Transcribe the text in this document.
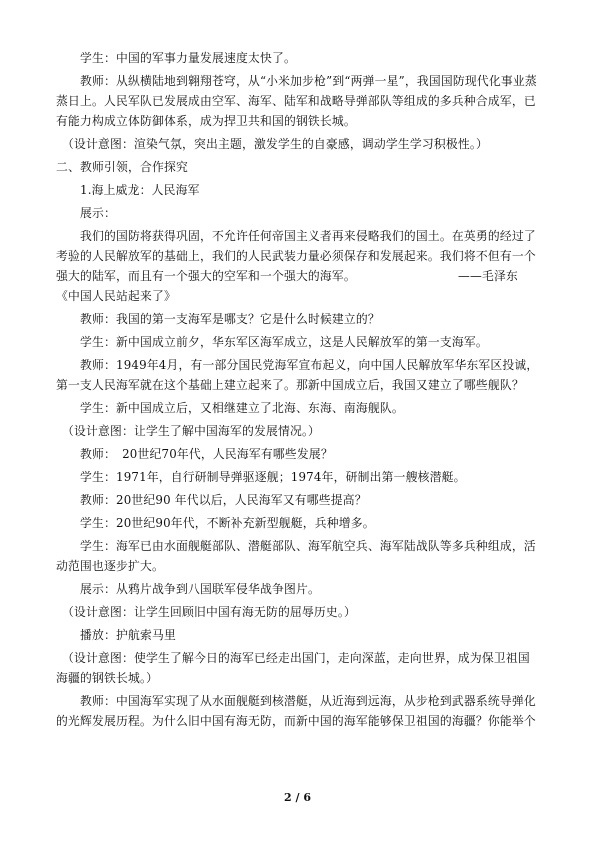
学生：中国的军事力量发展速度太快了。

教师：从纵横陆地到翱翔苍穹，从“小米加步枪”到“两弹一星”，我国国防现代化事业蒸蒸日上。人民军队已发展成由空军、海军、陆军和战略导弹部队等组成的多兵种合成军，已有能力构成立体防御体系，成为捍卫共和国的钢铁长城。

（设计意图：渲染气氛，突出主题，激发学生的自豪感，调动学生学习积极性。）

二、教师引领，合作探究

1.海上威龙：人民海军

展示：

我们的国防将获得巩固，不允许任何帝国主义者再来侵略我们的国土。在英勇的经过了考验的人民解放军的基础上，我们的人民武装力量必须保存和发展起来。我们将不但有一个强大的陆军，而且有一个强大的空军和一个强大的海军。　　　　　　　　　——毛泽东《中国人民站起来了》

教师：我国的第一支海军是哪支？它是什么时候建立的？

学生：新中国成立前夕，华东军区海军成立，这是人民解放军的第一支海军。

教师：1949年4月，有一部分国民党海军宣布起义，向中国人民解放军华东军区投诚，第一支人民海军就在这个基础上建立起来了。那新中国成立后，我国又建立了哪些舰队？

学生：新中国成立后，又相继建立了北海、东海、南海舰队。

（设计意图：让学生了解中国海军的发展情况。）

教师：　20世纪70年代，人民海军有哪些发展？

学生：1971年，自行研制导弹驱逐舰；1974年，研制出第一艘核潜艇。

教师：20世纪90 年代以后，人民海军又有哪些提高？

学生：20世纪90年代，不断补充新型舰艇，兵种增多。

学生：海军已由水面舰艇部队、潜艇部队、海军航空兵、海军陆战队等多兵种组成，活动范围也逐步扩大。

展示：从鸦片战争到八国联军侵华战争图片。

（设计意图：让学生回顾旧中国有海无防的屈辱历史。）

播放：护航索马里

（设计意图：使学生了解今日的海军已经走出国门，走向深蓝，走向世界，成为保卫祖国海疆的钢铁长城。）

教师：中国海军实现了从水面舰艇到核潜艇，从近海到远海，从步枪到武器系统导弹化的光辉发展历程。为什么旧中国有海无防，而新中国的海军能够保卫祖国的海疆？你能举个

2 / 6
